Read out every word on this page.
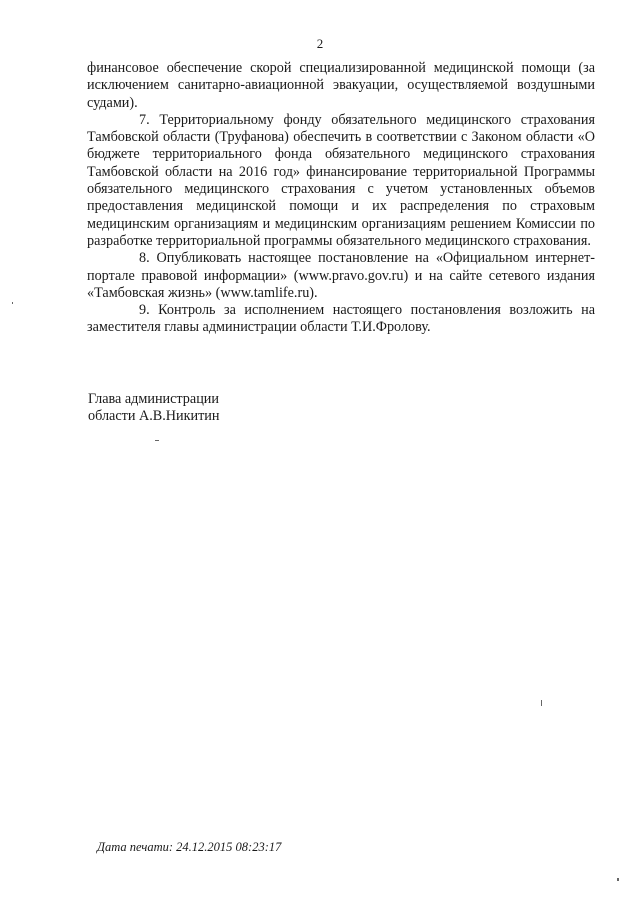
2

финансовое обеспечение скорой специализированной медицинской помощи (за исключением санитарно-авиационной эвакуации, осуществляемой воздушными судами).

7. Территориальному фонду обязательного медицинского страхования Тамбовской области (Труфанова) обеспечить в соответствии с Законом области «О бюджете территориального фонда обязательного медицинского страхования Тамбовской области на 2016 год» финансирование территориальной Программы обязательного медицинского страхования с учетом установленных объемов предоставления медицинской помощи и их распределения по страховым медицинским организациям и медицинским организациям решением Комиссии по разработке территориальной программы обязательного медицинского страхования.

8. Опубликовать настоящее постановление на «Официальном интернет-портале правовой информации» (www.pravo.gov.ru) и на сайте сетевого издания «Тамбовская жизнь» (www.tamlife.ru).

9. Контроль за исполнением настоящего постановления возложить на заместителя главы администрации области Т.И.Фролову.

Глава администрации
области А.В.Никитин
Дата печати: 24.12.2015 08:23:17
